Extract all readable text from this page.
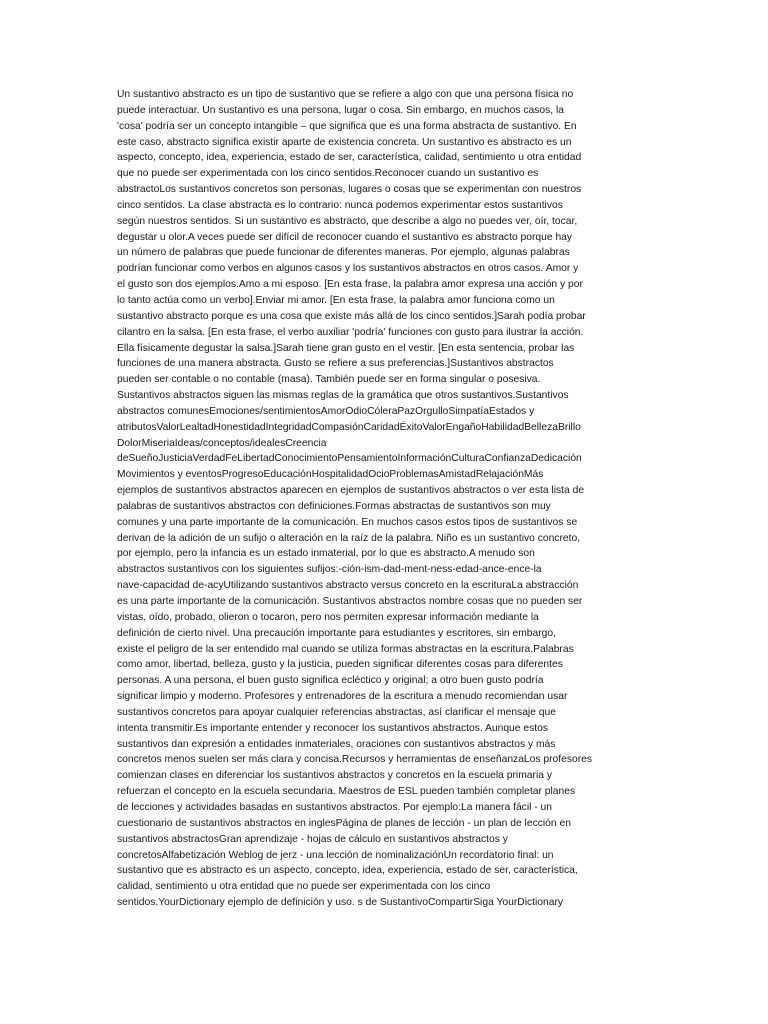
Un sustantivo abstracto es un tipo de sustantivo que se refiere a algo con que una persona física no
puede interactuar. Un sustantivo es una persona, lugar o cosa. Sin embargo, en muchos casos, la
'cosa' podría ser un concepto intangible – que significa que es una forma abstracta de sustantivo. En
este caso, abstracto significa existir aparte de existencia concreta. Un sustantivo es abstracto es un
aspecto, concepto, idea, experiencia, estado de ser, característica, calidad, sentimiento u otra entidad
que no puede ser experimentada con los cinco sentidos.Reconocer cuando un sustantivo es
abstractoLos sustantivos concretos son personas, lugares o cosas que se experimentan con nuestros
cinco sentidos. La clase abstracta es lo contrario: nunca podemos experimentar estos sustantivos
según nuestros sentidos. Si un sustantivo es abstracto, que describe a algo no puedes ver, oír, tocar,
degustar u olor.A veces puede ser difícil de reconocer cuando el sustantivo es abstracto porque hay
un número de palabras que puede funcionar de diferentes maneras. Por ejemplo, algunas palabras
podrían funcionar como verbos en algunos casos y los sustantivos abstractos en otros casos. Amor y
el gusto son dos ejemplos.Amo a mi esposo. [En esta frase, la palabra amor expresa una acción y por
lo tanto actúa como un verbo].Enviar mi amor. [En esta frase, la palabra amor funciona como un
sustantivo abstracto porque es una cosa que existe más allá de los cinco sentidos.]Sarah podía probar
cilantro en la salsa. [En esta frase, el verbo auxiliar 'podría' funciones con gusto para ilustrar la acción.
Ella físicamente degustar la salsa.]Sarah tiene gran gusto en el vestir. [En esta sentencia, probar las
funciones de una manera abstracta. Gusto se refiere a sus preferencias.]Sustantivos abstractos
pueden ser contable o no contable (masa). También puede ser en forma singular o posesiva.
Sustantivos abstractos siguen las mismas reglas de la gramática que otros sustantivos.Sustantivos
abstractos comunesEmociones/sentimientosAmorOdioCóleraPazOrgulloSimpatíaEstados y
atributosValorLealtadHonestidadIntegridadCompasiónCaridadÉxitoValorEngañoHabilidadBellezaBrillo
DolorMiseriaIdeas/conceptos/idealesCreencia
deSueñoJusticiaVerdadFeLibertadConocimientoPensamientoInformaciónCulturaConfianzaDedicación
Movimientos y eventosProgresoEducaciónHospitalidadOcioProblemasAmistadRelajaciónMás
ejemplos de sustantivos abstractos aparecen en ejemplos de sustantivos abstractos o ver esta lista de
palabras de sustantivos abstractos con definiciones.Formas abstractas de sustantivos son muy
comunes y una parte importante de la comunicación. En muchos casos estos tipos de sustantivos se
derivan de la adición de un sufijo o alteración en la raíz de la palabra. Niño es un sustantivo concreto,
por ejemplo, pero la infancia es un estado inmaterial, por lo que es abstracto.A menudo son
abstractos sustantivos con los siguientes sufijos:-ción-ism-dad-ment-ness-edad-ance-ence-la
nave-capacidad de-acyUtilizando sustantivos abstracto versus concreto en la escrituraLa abstracción
es una parte importante de la comunicación. Sustantivos abstractos nombre cosas que no pueden ser
vistas, oído, probado, olieron o tocaron, pero nos permiten expresar información mediante la
definición de cierto nivel. Una precaución importante para estudiantes y escritores, sin embargo,
existe el peligro de la ser entendido mal cuando se utiliza formas abstractas en la escritura.Palabras
como amor, libertad, belleza, gusto y la justicia, pueden significar diferentes cosas para diferentes
personas. A una persona, el buen gusto significa ecléctico y original; a otro buen gusto podría
significar limpio y moderno. Profesores y entrenadores de la escritura a menudo recomiendan usar
sustantivos concretos para apoyar cualquier referencias abstractas, así clarificar el mensaje que
intenta transmitir.Es importante entender y reconocer los sustantivos abstractos. Aunque estos
sustantivos dan expresión a entidades inmateriales, oraciones con sustantivos abstractos y más
concretos menos suelen ser más clara y concisa.Recursos y herramientas de enseñanzaLos profesores
comienzan clases en diferenciar los sustantivos abstractos y concretos en la escuela primaria y
refuerzan el concepto en la escuela secundaria. Maestros de ESL pueden también completar planes
de lecciones y actividades basadas en sustantivos abstractos. Por ejemplo:La manera fácil - un
cuestionario de sustantivos abstractos en inglesPágina de planes de lección - un plan de lección en
sustantivos abstractosGran aprendizaje - hojas de cálculo en sustantivos abstractos y
concretosAlfabetización Weblog de jerz - una lección de nominalizaciónUn recordatorio final: un
sustantivo que es abstracto es un aspecto, concepto, idea, experiencia, estado de ser, característica,
calidad, sentimiento u otra entidad que no puede ser experimentada con los cinco
sentidos.YourDictionary ejemplo de definición y uso. s de SustantivoCompartirSiga YourDictionary
